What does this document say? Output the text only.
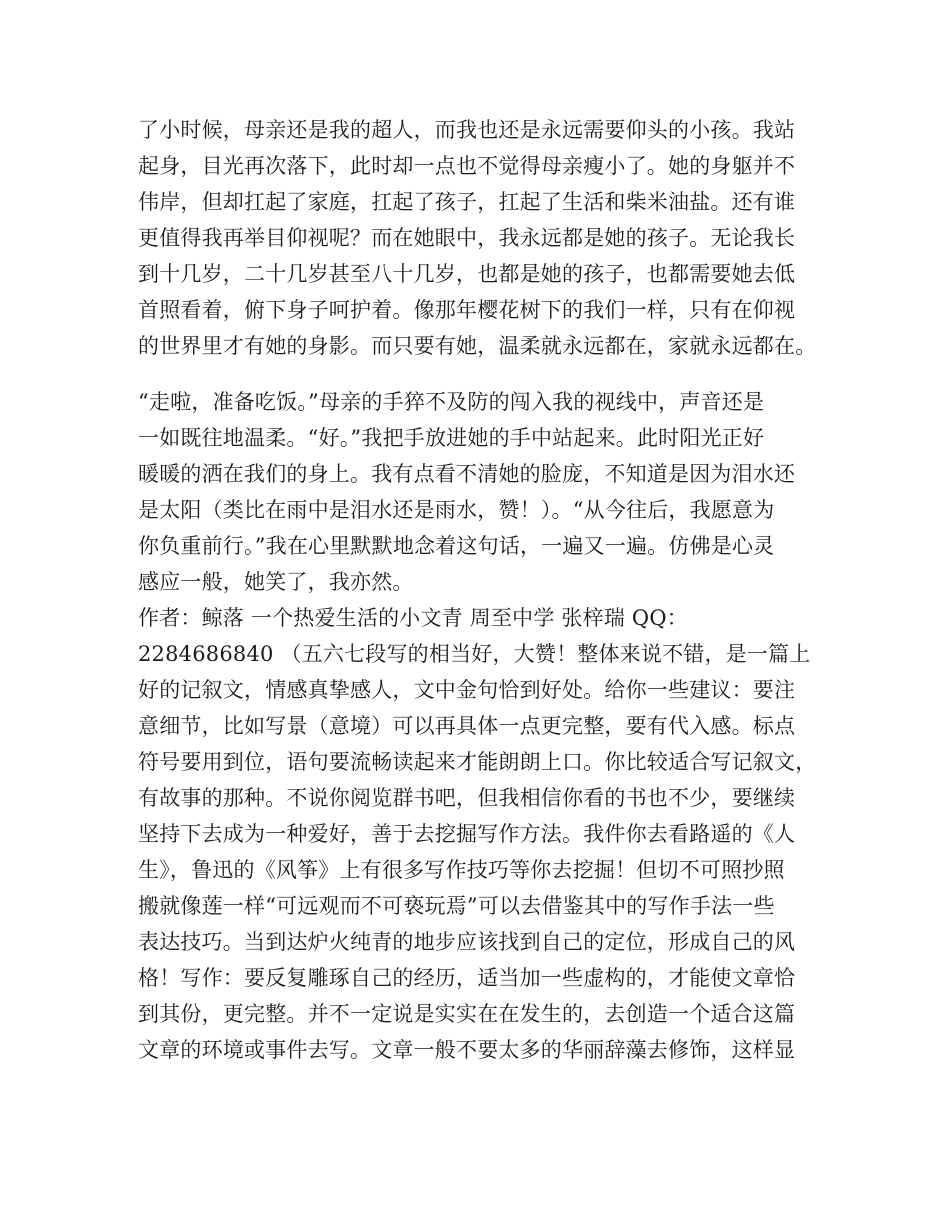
了小时候，母亲还是我的超人，而我也还是永远需要仰头的小孩。我站
起身，目光再次落下，此时却一点也不觉得母亲瘦小了。她的身躯并不
伟岸，但却扛起了家庭，扛起了孩子，扛起了生活和柴米油盐。还有谁
更值得我再举目仰视呢？而在她眼中，我永远都是她的孩子。无论我长
到十几岁，二十几岁甚至八十几岁，也都是她的孩子，也都需要她去低
首照看着，俯下身子呵护着。像那年樱花树下的我们一样，只有在仰视
的世界里才有她的身影。而只要有她，温柔就永远都在，家就永远都在。
“走啦，准备吃饭。”母亲的手猝不及防的闯入我的视线中，声音还是
一如既往地温柔。“好。”我把手放进她的手中站起来。此时阳光正好
暖暖的洒在我们的身上。我有点看不清她的脸庞，不知道是因为泪水还
是太阳（类比在雨中是泪水还是雨水，赞！）。“从今往后，我愿意为
你负重前行。”我在心里默默地念着这句话，一遍又一遍。仿佛是心灵
感应一般，她笑了，我亦然。
作者：鲸落 一个热爱生活的小文青 周至中学 张梓瑞 QQ：
2284686840 （五六七段写的相当好，大赞！整体来说不错，是一篇上
好的记叙文，情感真挚感人，文中金句恰到好处。给你一些建议：要注
意细节，比如写景（意境）可以再具体一点更完整，要有代入感。标点
符号要用到位，语句要流畅读起来才能朗朗上口。你比较适合写记叙文，
有故事的那种。不说你阅览群书吧，但我相信你看的书也不少，要继续
坚持下去成为一种爱好，善于去挖掘写作方法。我件你去看路遥的《人
生》，鲁迅的《风筝》上有很多写作技巧等你去挖掘！但切不可照抄照
搬就像莲一样“可远观而不可亵玩焉”可以去借鉴其中的写作手法一些
表达技巧。当到达炉火纯青的地步应该找到自己的定位，形成自己的风
格！写作：要反复雕琢自己的经历，适当加一些虚构的，才能使文章恰
到其份，更完整。并不一定说是实实在在发生的，去创造一个适合这篇
文章的环境或事件去写。文章一般不要太多的华丽辞藻去修饰，这样显
